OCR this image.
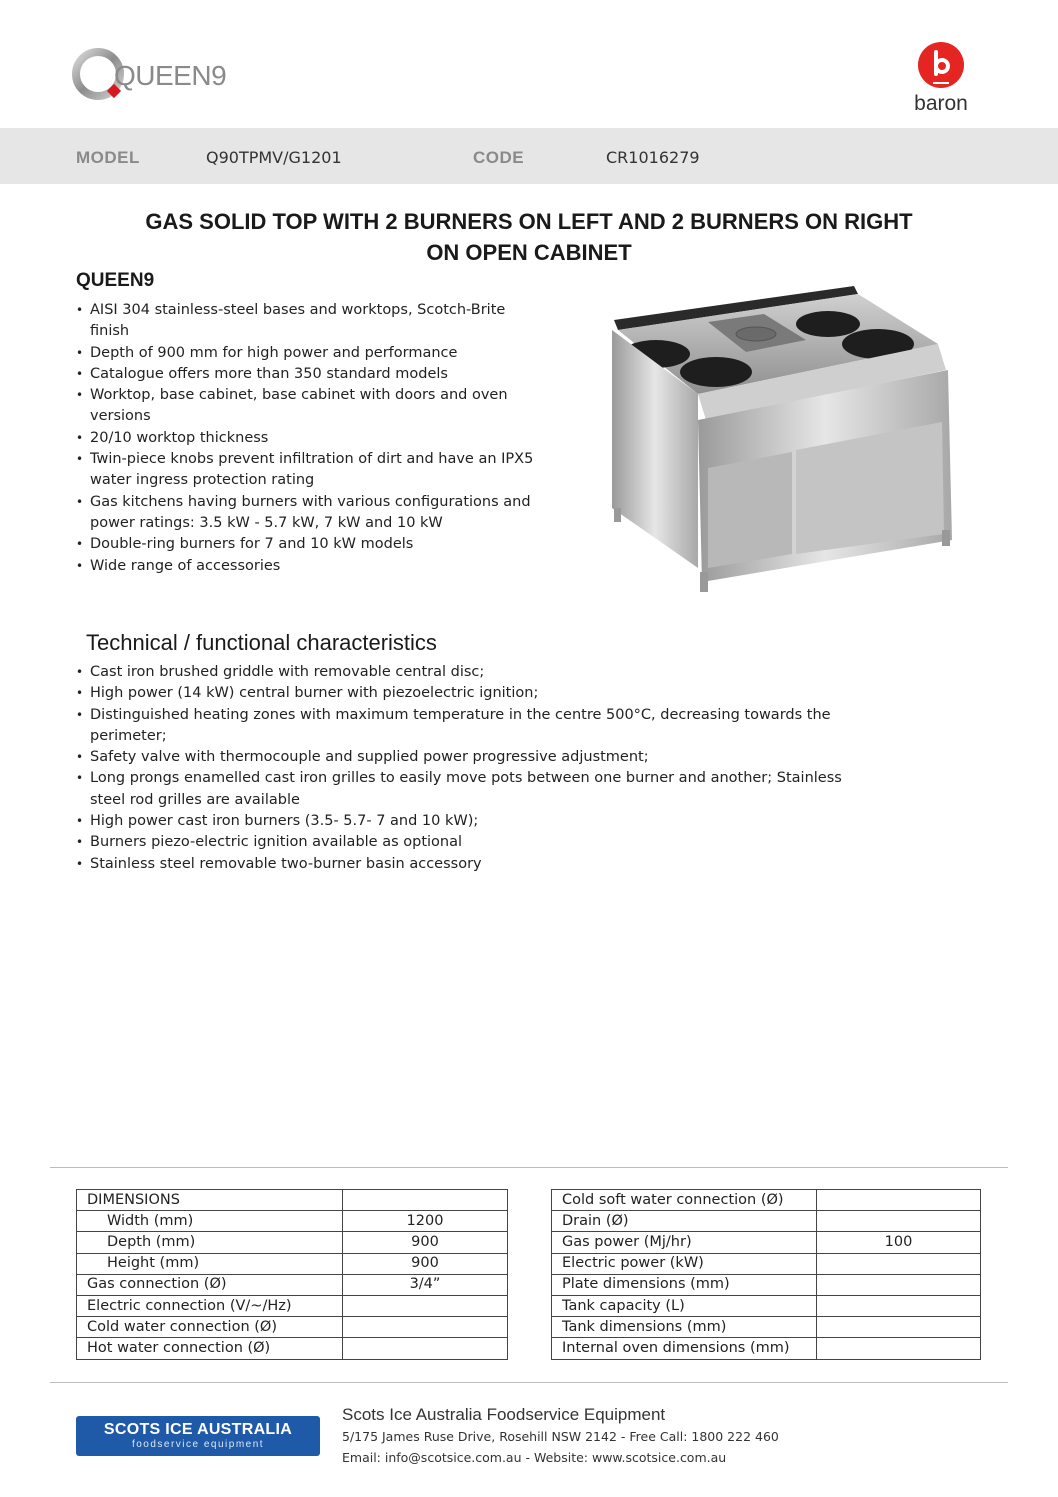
QUEEN9
baron
MODEL	Q90TPMV/G1201	CODE	CR1016279
GAS SOLID TOP WITH 2 BURNERS ON LEFT AND 2 BURNERS ON RIGHT
ON OPEN CABINET
QUEEN9
• AISI 304 stainless-steel bases and worktops, Scotch-Brite finish
• Depth of 900 mm for high power and performance
• Catalogue offers more than 350 standard models
• Worktop, base cabinet, base cabinet with doors and oven versions
• 20/10 worktop thickness
• Twin-piece knobs prevent infiltration of dirt and have an IPX5 water ingress protection rating
• Gas kitchens having burners with various configurations and power ratings: 3.5 kW - 5.7 kW, 7 kW and 10 kW
• Double-ring burners for 7 and 10 kW models
• Wide range of accessories
Technical / functional characteristics
• Cast iron brushed griddle with removable central disc;
• High power (14 kW) central burner with piezoelectric ignition;
• Distinguished heating zones with maximum temperature in the centre 500°C, decreasing towards the perimeter;
• Safety valve with thermocouple and supplied power progressive adjustment;
• Long prongs enamelled cast iron grilles to easily move pots between one burner and another; Stainless steel rod grilles are available
• High power cast iron burners (3.5- 5.7- 7 and 10 kW);
• Burners piezo-electric ignition available as optional
• Stainless steel removable two-burner basin accessory
DIMENSIONS	
Width (mm)	1200
Depth (mm)	900
Height (mm)	900
Gas connection (Ø)	3/4”
Electric connection (V/~/Hz)	
Cold water connection (Ø)	
Hot water connection (Ø)	
Cold soft water connection (Ø)	
Drain (Ø)	
Gas power (Mj/hr)	100
Electric power (kW)	
Plate dimensions (mm)	
Tank capacity (L)	
Tank dimensions (mm)	
Internal oven dimensions (mm)	
SCOTS ICE AUSTRALIA
foodservice equipment
Scots Ice Australia Foodservice Equipment
5/175 James Ruse Drive, Rosehill NSW 2142 - Free Call: 1800 222 460
Email: info@scotsice.com.au - Website: www.scotsice.com.au
